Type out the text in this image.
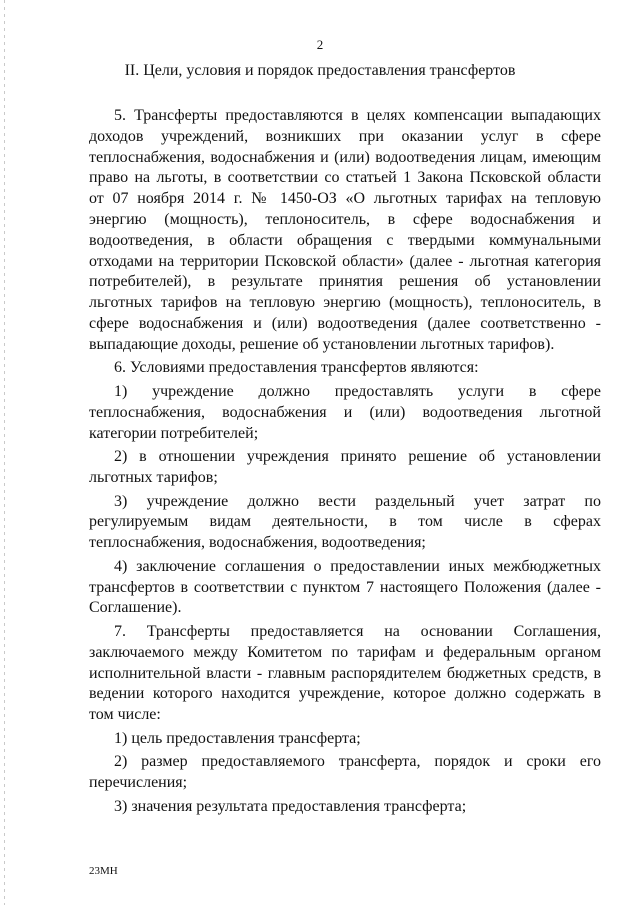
2
II. Цели, условия и порядок предоставления трансфертов
5. Трансферты предоставляются в целях компенсации выпадающих
доходов учреждений, возникших при оказании услуг в сфере
теплоснабжения, водоснабжения и (или) водоотведения лицам, имеющим
право на льготы, в соответствии со статьей 1 Закона Псковской области
от 07 ноября 2014 г. № 1450-ОЗ «О льготных тарифах на тепловую
энергию (мощность), теплоноситель, в сфере водоснабжения и
водоотведения, в области обращения с твердыми коммунальными
отходами на территории Псковской области» (далее - льготная категория
потребителей), в результате принятия решения об установлении
льготных тарифов на тепловую энергию (мощность), теплоноситель, в
сфере водоснабжения и (или) водоотведения (далее соответственно -
выпадающие доходы, решение об установлении льготных тарифов).
6. Условиями предоставления трансфертов являются:
1) учреждение должно предоставлять услуги в сфере
теплоснабжения, водоснабжения и (или) водоотведения льготной
категории потребителей;
2) в отношении учреждения принято решение об установлении
льготных тарифов;
3) учреждение должно вести раздельный учет затрат по
регулируемым видам деятельности, в том числе в сферах
теплоснабжения, водоснабжения, водоотведения;
4) заключение соглашения о предоставлении иных межбюджетных
трансфертов в соответствии с пунктом 7 настоящего Положения (далее -
Соглашение).
7. Трансферты предоставляется на основании Соглашения,
заключаемого между Комитетом по тарифам и федеральным органом
исполнительной власти - главным распорядителем бюджетных средств, в
ведении которого находится учреждение, которое должно содержать в
том числе:
1) цель предоставления трансферта;
2) размер предоставляемого трансферта, порядок и сроки его
перечисления;
3) значения результата предоставления трансферта;
23МН
